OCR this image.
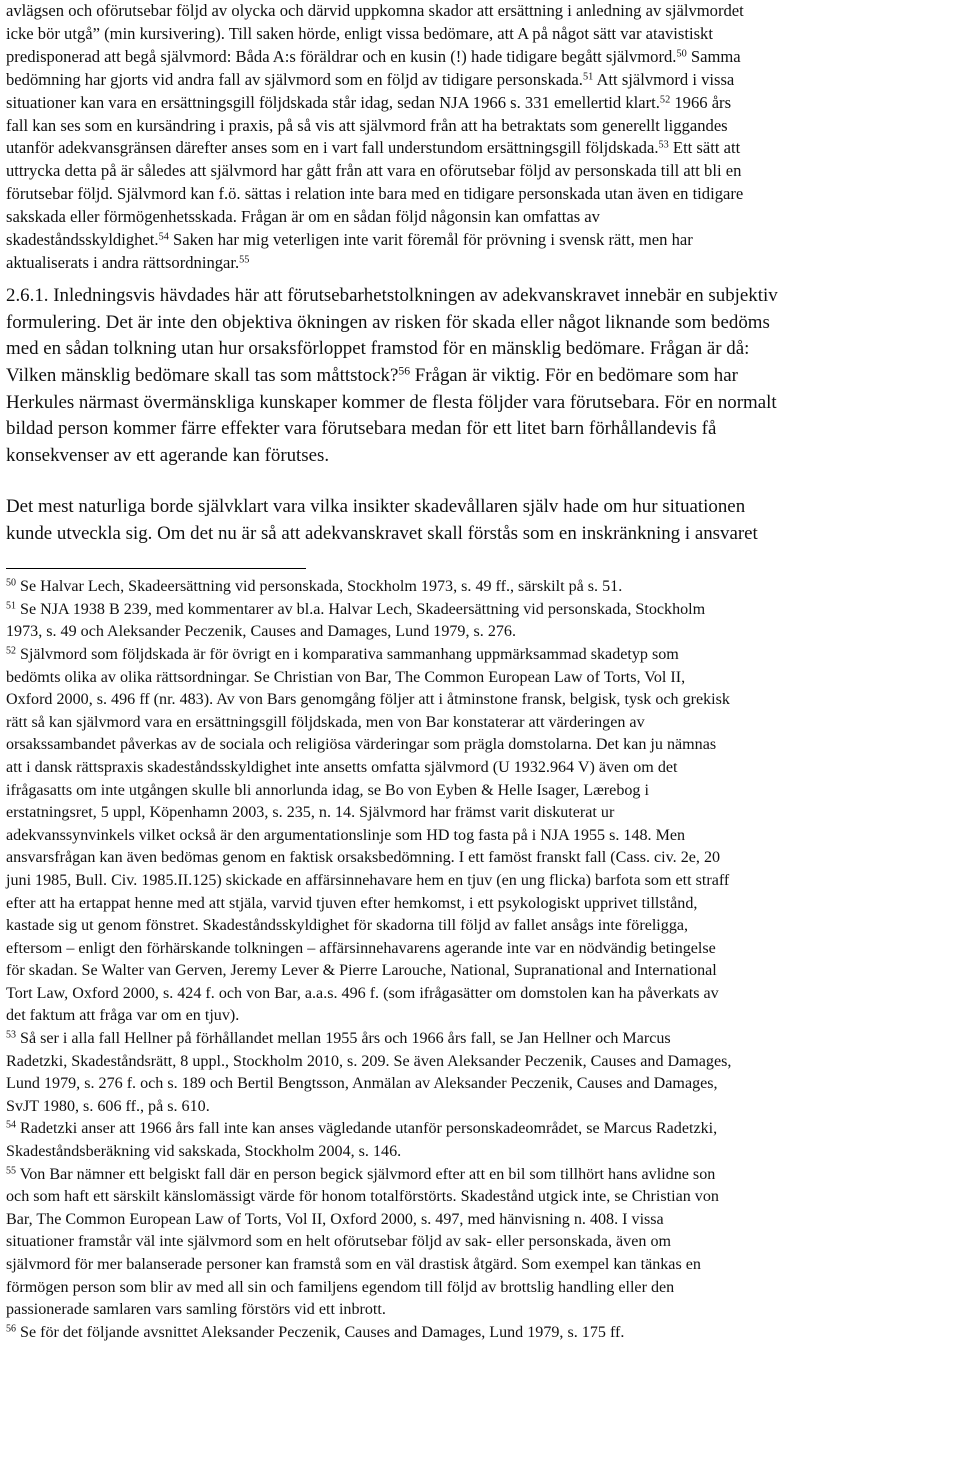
avlägsen och oförutsebar följd av olycka och därvid uppkomna skador att ersättning i anledning av självmordet
icke bör utgå” (min kursivering). Till saken hörde, enligt vissa bedömare, att A på något sätt var atavistiskt
predisponerad att begå självmord: Båda A:s föräldrar och en kusin (!) hade tidigare begått självmord.$^{50}$ Samma
bedömning har gjorts vid andra fall av självmord som en följd av tidigare personskada.$^{51}$ Att självmord i vissa
situationer kan vara en ersättningsgill följdskada står idag, sedan NJA 1966 s. 331 emellertid klart.$^{52}$ 1966 års
fall kan ses som en kursändring i praxis, på så vis att självmord från att ha betraktats som generellt liggandes
utanför adekvansgränsen därefter anses som en i vart fall understundom ersättningsgill följdskada.$^{53}$ Ett sätt att
uttrycka detta på är således att självmord har gått från att vara en oförutsebar följd av personskada till att bli en
förutsebar följd. Självmord kan f.ö. sättas i relation inte bara med en tidigare personskada utan även en tidigare
sakskada eller förmögenhetsskada. Frågan är om en sådan följd någonsin kan omfattas av
skadeståndsskyldighet.$^{54}$ Saken har mig veterligen inte varit föremål för prövning i svensk rätt, men har
aktualiserats i andra rättsordningar.$^{55}$
2.6.1. Inledningsvis hävdades här att förutsebarhetstolkningen av adekvanskravet innebär en subjektiv
formulering. Det är inte den objektiva ökningen av risken för skada eller något liknande som bedöms
med en sådan tolkning utan hur orsaksförloppet framstod för en mänsklig bedömare. Frågan är då:
Vilken mänsklig bedömare skall tas som måttstock?$^{56}$ Frågan är viktig. För en bedömare som har
Herkules närmast övermänskliga kunskaper kommer de flesta följder vara förutsebara. För en normalt
bildad person kommer färre effekter vara förutsebara medan för ett litet barn förhållandevis få
konsekvenser av ett agerande kan förutses.
Det mest naturliga borde självklart vara vilka insikter skadevållaren själv hade om hur situationen
kunde utveckla sig. Om det nu är så att adekvanskravet skall förstås som en inskränkning i ansvaret
$^{50}$ Se Halvar Lech, Skadeersättning vid personskada, Stockholm 1973, s. 49 ff., särskilt på s. 51.
$^{51}$ Se NJA 1938 B 239, med kommentarer av bl.a. Halvar Lech, Skadeersättning vid personskada, Stockholm
1973, s. 49 och Aleksander Peczenik, Causes and Damages, Lund 1979, s. 276.
$^{52}$ Självmord som följdskada är för övrigt en i komparativa sammanhang uppmärksammad skadetyp som
bedömts olika av olika rättsordningar. Se Christian von Bar, The Common European Law of Torts, Vol II,
Oxford 2000, s. 496 ff (nr. 483). Av von Bars genomgång följer att i åtminstone fransk, belgisk, tysk och grekisk
rätt så kan självmord vara en ersättningsgill följdskada, men von Bar konstaterar att värderingen av
orsakssambandet påverkas av de sociala och religiösa värderingar som prägla domstolarna. Det kan ju nämnas
att i dansk rättspraxis skadeståndsskyldighet inte ansetts omfatta självmord (U 1932.964 V) även om det
ifrågasatts om inte utgången skulle bli annorlunda idag, se Bo von Eyben & Helle Isager, Lærebog i
erstatningsret, 5 uppl, Köpenhamn 2003, s. 235, n. 14. Självmord har främst varit diskuterat ur
adekvanssynvinkels vilket också är den argumentationslinje som HD tog fasta på i NJA 1955 s. 148. Men
ansvarsfrågan kan även bedömas genom en faktisk orsaksbedömning. I ett famöst franskt fall (Cass. civ. 2e, 20
juni 1985, Bull. Civ. 1985.II.125) skickade en affärsinnehavare hem en tjuv (en ung flicka) barfota som ett straff
efter att ha ertappat henne med att stjäla, varvid tjuven efter hemkomst, i ett psykologiskt upprivet tillstånd,
kastade sig ut genom fönstret. Skadeståndsskyldighet för skadorna till följd av fallet ansågs inte föreligga,
eftersom – enligt den förhärskande tolkningen – affärsinnehavarens agerande inte var en nödvändig betingelse
för skadan. Se Walter van Gerven, Jeremy Lever & Pierre Larouche, National, Supranational and International
Tort Law, Oxford 2000, s. 424 f. och von Bar, a.a.s. 496 f. (som ifrågasätter om domstolen kan ha påverkats av
det faktum att fråga var om en tjuv).
$^{53}$ Så ser i alla fall Hellner på förhållandet mellan 1955 års och 1966 års fall, se Jan Hellner och Marcus
Radetzki, Skadeståndsrätt, 8 uppl., Stockholm 2010, s. 209. Se även Aleksander Peczenik, Causes and Damages,
Lund 1979, s. 276 f. och s. 189 och Bertil Bengtsson, Anmälan av Aleksander Peczenik, Causes and Damages,
SvJT 1980, s. 606 ff., på s. 610.
$^{54}$ Radetzki anser att 1966 års fall inte kan anses vägledande utanför personskadeområdet, se Marcus Radetzki,
Skadeståndsberäkning vid sakskada, Stockholm 2004, s. 146.
$^{55}$ Von Bar nämner ett belgiskt fall där en person begick självmord efter att en bil som tillhört hans avlidne son
och som haft ett särskilt känslomässigt värde för honom totalförstörts. Skadestånd utgick inte, se Christian von
Bar, The Common European Law of Torts, Vol II, Oxford 2000, s. 497, med hänvisning n. 408. I vissa
situationer framstår väl inte självmord som en helt oförutsebar följd av sak- eller personskada, även om
självmord för mer balanserade personer kan framstå som en väl drastisk åtgärd. Som exempel kan tänkas en
förmögen person som blir av med all sin och familjens egendom till följd av brottslig handling eller den
passionerade samlaren vars samling förstörs vid ett inbrott.
$^{56}$ Se för det följande avsnittet Aleksander Peczenik, Causes and Damages, Lund 1979, s. 175 ff.
